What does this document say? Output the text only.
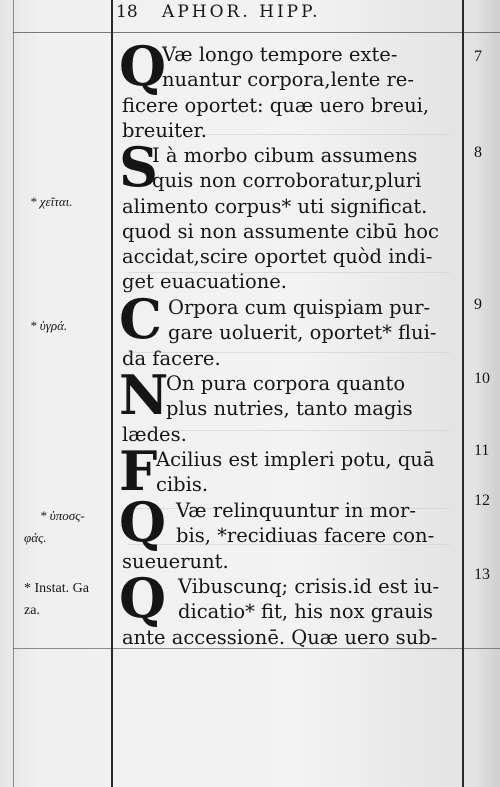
18 APHOR. HIPP.
Q
Væ longo tempore exte-
nuantur corpora,lente re-
ficere oportet: quæ uero breui,
breuiter.
S
I à morbo cibum assumens
quis non corroboratur,pluri
alimento corpus* uti significat.
quod si non assumente cibū hoc
accidat,scire oportet quòd indi-
get euacuatione.
C Orpora cum quispiam pur-
gare uoluerit, oportet* flui-
da facere.
N
On pura corpora quanto
plus nutries, tanto magis
lædes.
F
Acilius est impleri potu, quā
cibis.
Q Væ relinquuntur in mor-
bis, *recidiuas facere con-
sueuerunt.
Q Vibuscunq; crisis.id est iu-
dicatio* fit, his nox grauis
ante accessionē. Quæ uero sub-
7
8
9
10
11
12
13
* χεῖται.
* ὑγρά.
* ὑποσς-
φάς.
* Instat. Ga
za.
